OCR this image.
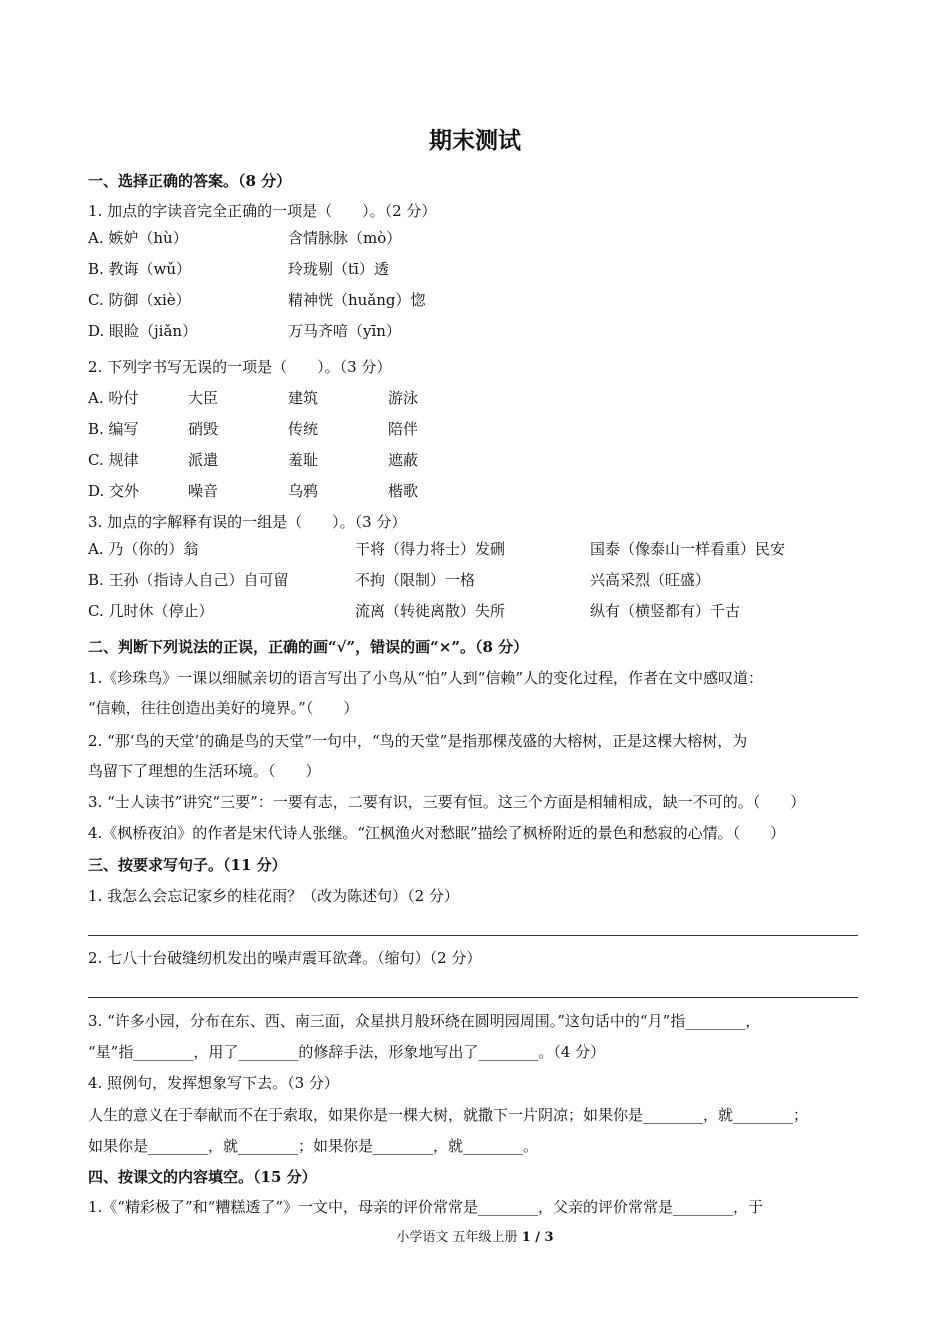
期末测试
一、选择正确的答案。（8 分）
1. 加点的字读音完全正确的一项是（　　）。（2 分）
A. 嫉妒（hù）	含情脉脉（mò）
B. 教诲（wǔ）	玲珑剔（tī）透
C. 防御（xiè）	精神恍（huǎng）惚
D. 眼睑（jiǎn）	万马齐喑（yīn）
2. 下列字书写无误的一项是（　　）。（3 分）
A. 吩付	大臣	建筑	游泳
B. 编写	硝毁	传统	陪伴
C. 规律	派遣	羞耻	遮蔽
D. 交外	噪音	乌鸦	楷歌
3. 加点的字解释有误的一组是（　　）。（3 分）
A. 乃（你的）翁	干将（得力将士）发硎	国泰（像泰山一样看重）民安
B. 王孙（指诗人自己）自可留	不拘（限制）一格	兴高采烈（旺盛）
C. 几时休（停止）	流离（转徙离散）失所	纵有（横竖都有）千古
二、判断下列说法的正误，正确的画“√”，错误的画“×”。（8 分）
1.《珍珠鸟》一课以细腻亲切的语言写出了小鸟从“怕”人到“信赖”人的变化过程，作者在文中感叹道：
“信赖，往往创造出美好的境界。”（　　）
2. “那‘鸟的天堂’的确是鸟的天堂”一句中，“鸟的天堂”是指那棵茂盛的大榕树，正是这棵大榕树，为
鸟留下了理想的生活环境。（　　）
3. “士人读书”讲究“三要”：一要有志，二要有识，三要有恒。这三个方面是相辅相成，缺一不可的。（　　）
4.《枫桥夜泊》的作者是宋代诗人张继。“江枫渔火对愁眠”描绘了枫桥附近的景色和愁寂的心情。（　　）
三、按要求写句子。（11 分）
1. 我怎么会忘记家乡的桂花雨？（改为陈述句）（2 分）
2. 七八十台破缝纫机发出的噪声震耳欲聋。（缩句）（2 分）
3. “许多小园，分布在东、西、南三面，众星拱月般环绕在圆明园周围。”这句话中的“月”指________，
“星”指________，用了________的修辞手法，形象地写出了________。（4 分）
4. 照例句，发挥想象写下去。（3 分）
人生的意义在于奉献而不在于索取，如果你是一棵大树，就撒下一片阴凉；如果你是________，就________；
如果你是________，就________；如果你是________，就________。
四、按课文的内容填空。（15 分）
1.《“精彩极了”和“糟糕透了”》一文中，母亲的评价常常是________，父亲的评价常常是________，于
小学语文 五年级上册 1 / 3
